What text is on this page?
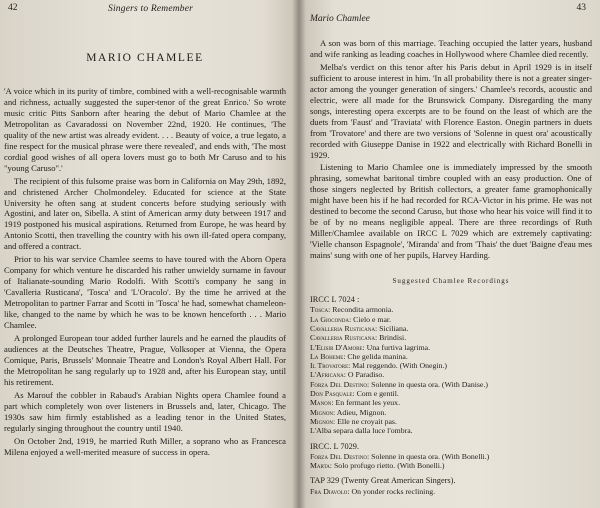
42	Singers to Remember
MARIO CHAMLEE

'A voice which in its purity of timbre, combined with a well-recognisable warmth and richness, actually suggested the super-tenor of the great Enrico.' So wrote music critic Pitts Sanborn after hearing the debut of Mario Chamlee at the Metropolitan as Cavaradossi on November 22nd, 1920. He continues, 'The quality of the new artist was already evident. . . . Beauty of voice, a true legato, a fine respect for the musical phrase were there revealed', and ends with, 'The most cordial good wishes of all opera lovers must go to both Mr Caruso and to his "young Caruso".'

The recipient of this fulsome praise was born in California on May 29th, 1892, and christened Archer Cholmondeley. Educated for science at the State University he often sang at student concerts before studying seriously with Agostini, and later on, Sibella. A stint of American army duty between 1917 and 1919 postponed his musical aspirations. Returned from Europe, he was heard by Antonio Scotti, then travelling the country with his own ill-fated opera company, and offered a contract.

Prior to his war service Chamlee seems to have toured with the Aborn Opera Company for which venture he discarded his rather unwieldy surname in favour of Italianate-sounding Mario Rodolfi. With Scotti's company he sang in 'Cavalleria Rusticana', 'Tosca' and 'L'Oracolo'. By the time he arrived at the Metropolitan to partner Farrar and Scotti in 'Tosca' he had, somewhat chameleon-like, changed to the name by which he was to be known henceforth . . . Mario Chamlee.

A prolonged European tour added further laurels and he earned the plaudits of audiences at the Deutsches Theatre, Prague, Volksoper at Vienna, the Opera Comique, Paris, Brussels' Monnaie Theatre and London's Royal Albert Hall. For the Metropolitan he sang regularly up to 1928 and, after his European stay, until his retirement.

As Marouf the cobbler in Rabaud's Arabian Nights opera Chamlee found a part which completely won over listeners in Brussels and, later, Chicago. The 1930s saw him firmly established as a leading tenor in the United States, regularly singing throughout the country until 1940.

On October 2nd, 1919, he married Ruth Miller, a soprano who as Francesca Milena enjoyed a well-merited measure of success in opera.

43
Mario Chamlee

A son was born of this marriage. Teaching occupied the latter years, husband and wife ranking as leading coaches in Hollywood where Chamlee died recently.

Melba's verdict on this tenor after his Paris debut in April 1929 is in itself sufficient to arouse interest in him. 'In all probability there is not a greater singer-actor among the younger generation of singers.' Chamlee's records, acoustic and electric, were all made for the Brunswick Company. Disregarding the many songs, interesting opera excerpts are to be found on the least of which are the duets from 'Faust' and 'Traviata' with Florence Easton. Onegin partners in duets from 'Trovatore' and there are two versions of 'Solenne in quest ora' acoustically recorded with Giuseppe Danise in 1922 and electrically with Richard Bonelli in 1929.

Listening to Mario Chamlee one is immediately impressed by the smooth phrasing, somewhat baritonal timbre coupled with an easy production. One of those singers neglected by British collectors, a greater fame gramophonically might have been his if he had recorded for RCA-Victor in his prime. He was not destined to become the second Caruso, but those who hear his voice will find it to be of by no means negligible appeal. There are three recordings of Ruth Miller/Chamlee available on IRCC L 7029 which are extremely captivating: 'Vielle chanson Espagnole', 'Miranda' and from 'Thais' the duet 'Baigne d'eau mes mains' sung with one of her pupils, Harvey Harding.

Suggested Chamlee Recordings
IRCC L 7024 :
Tosca: Recondita armonia.
La Gioconda: Cielo e mar.
Cavalleria Rusticana: Siciliana.
Cavalleria Rusticana: Brindisi.
L'Elisir D'Amore: Una furtiva lagrima.
La Boheme: Che gelida manina.
Il Trovatore: Mal reggendo. (With Onegin.)
L'Africana: O Paradiso.
Forza Del Destino: Solenne in questa ora. (With Danise.)
Don Pasquale: Com e gentil.
Manon: En fermant les yeux.
Mignon: Adieu, Mignon.
Mignon: Elle ne croyait pas.
L'Alba separa dalla luce l'ombra.
IRCC. L 7029.
Forza Del Destino: Solenne in questa ora. (With Bonelli.)
Marta: Solo profugo rietto. (With Bonelli.)
TAP 329 (Twenty Great American Singers).
Fra Diavolo: On yonder rocks reclining.
